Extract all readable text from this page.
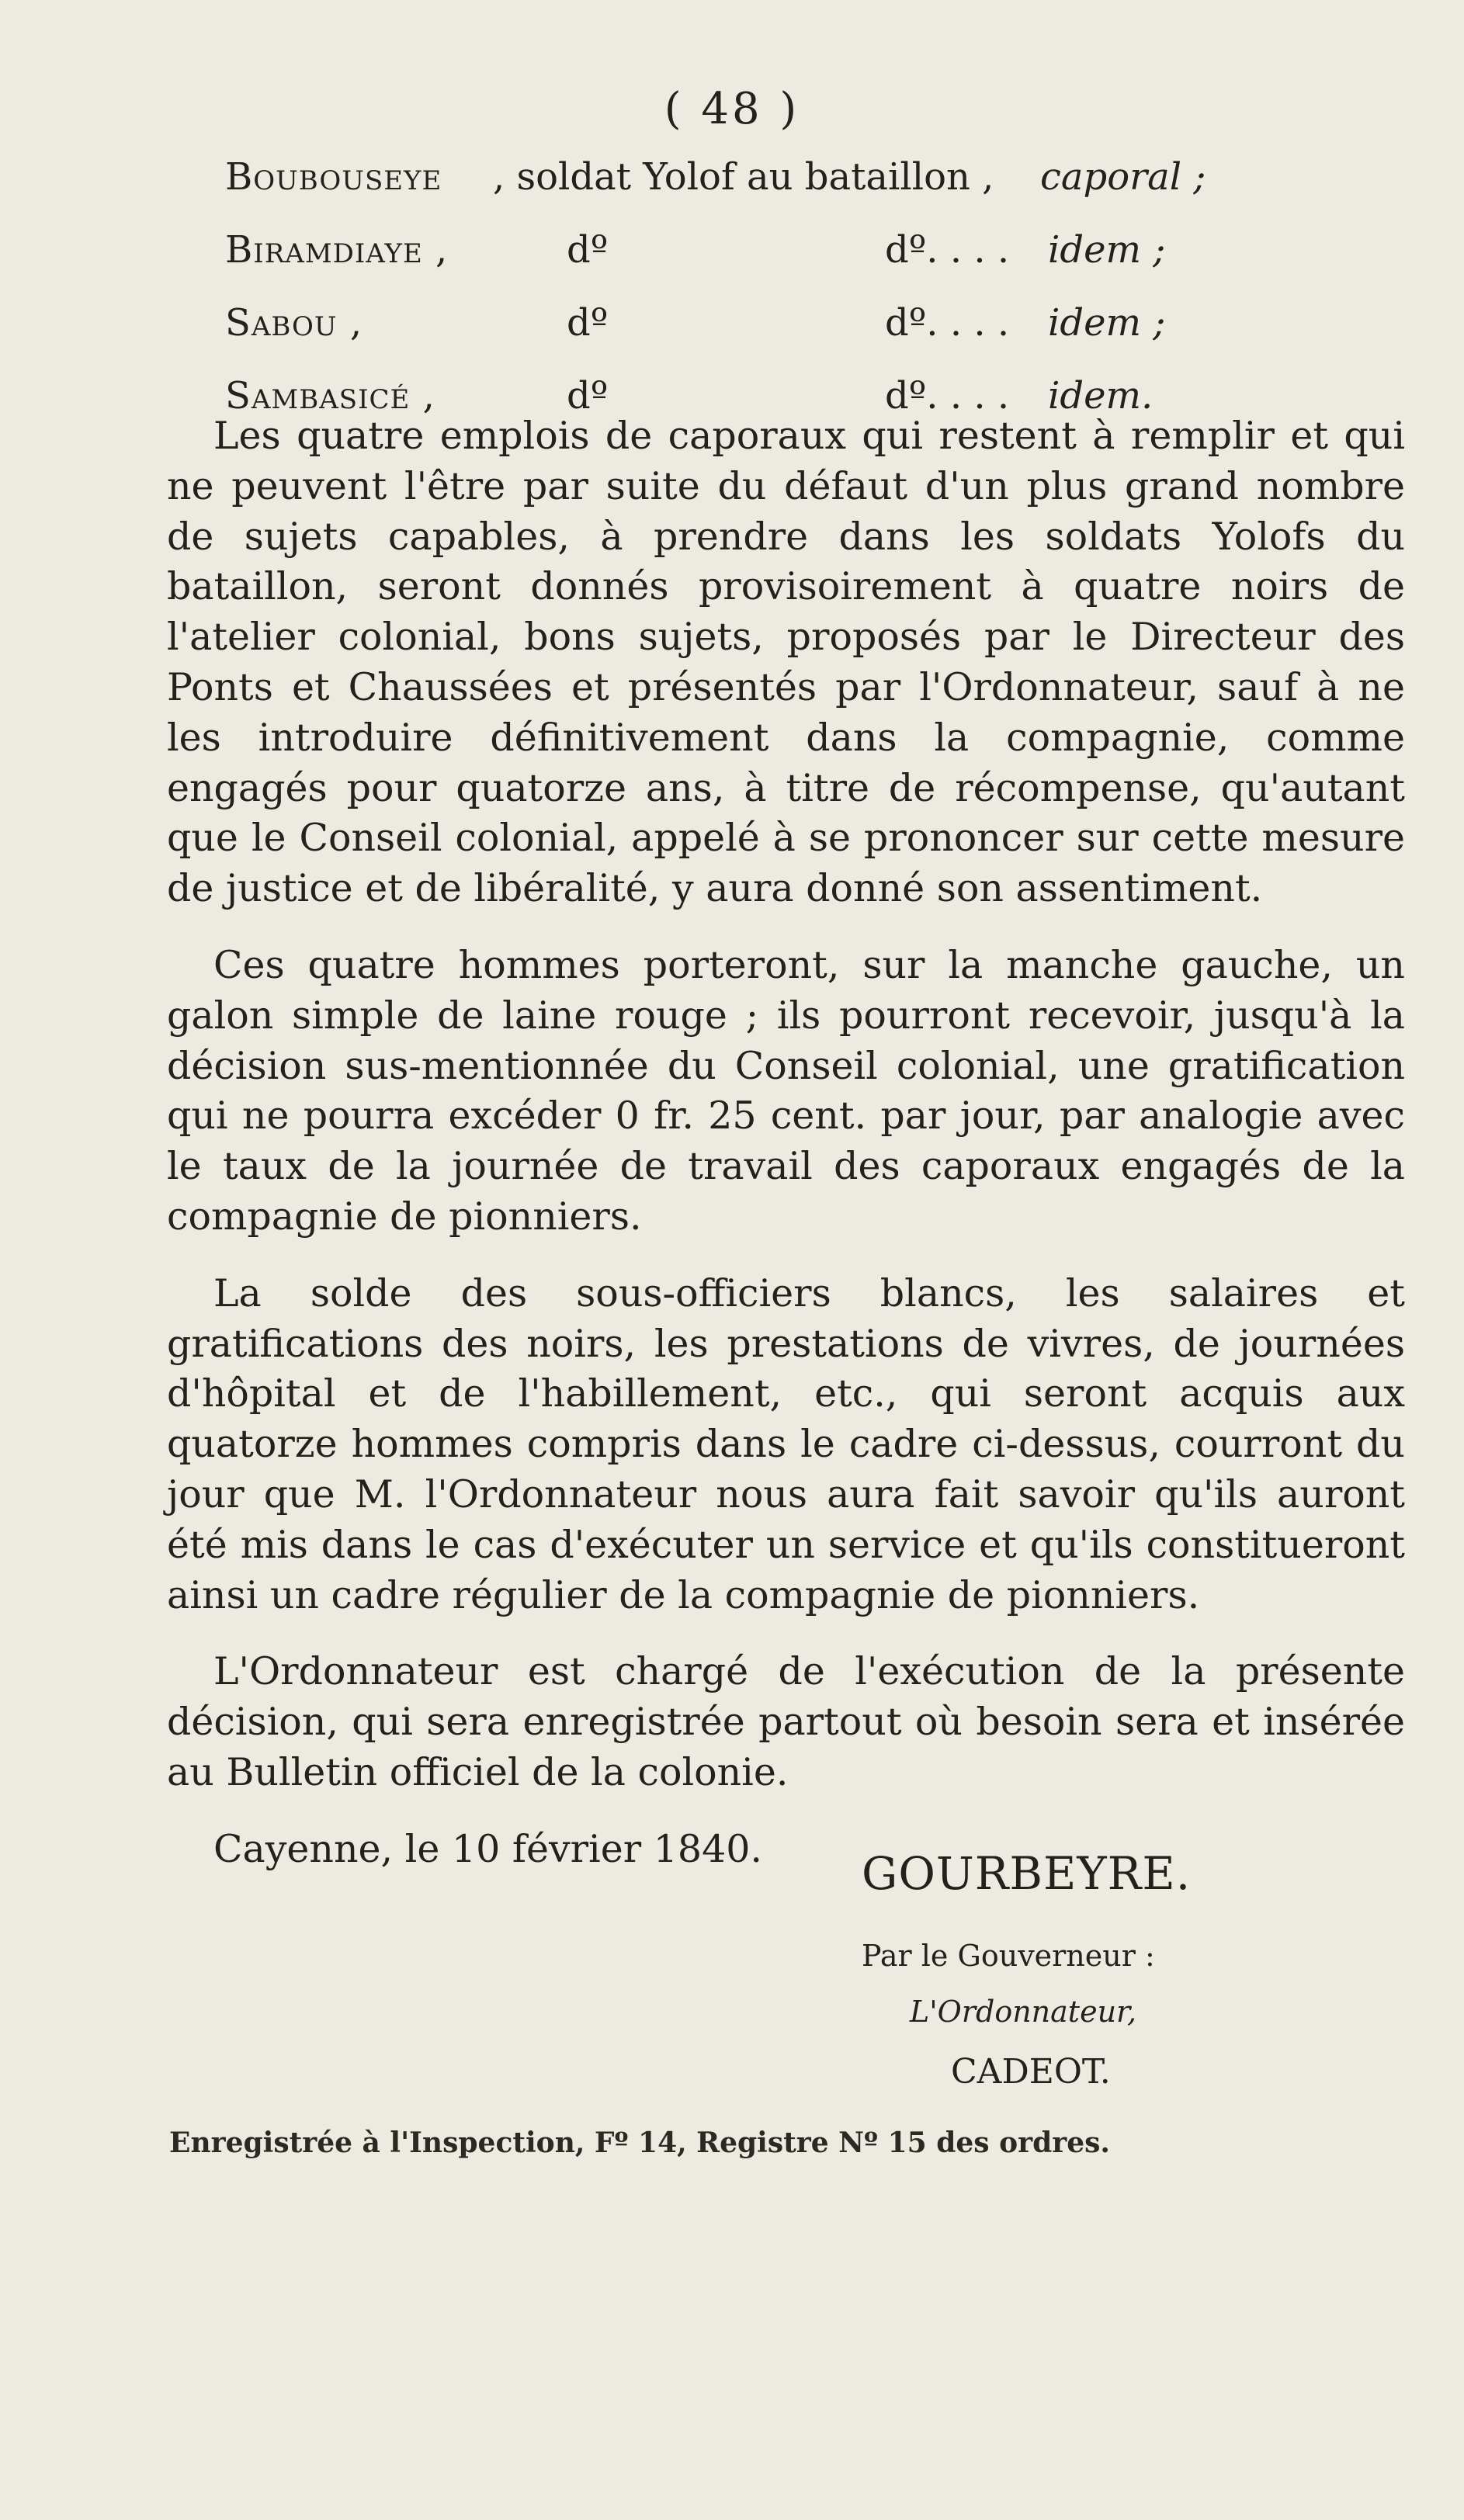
( 48 )
Boubouseye , soldat Yolof au bataillon , caporal ;
Biramdiaye ,	dº	dº. . . . idem ;
Sabou ,	dº	dº. . . . idem ;
Sambasicé ,	dº	dº. . . . idem.

Les quatre emplois de caporaux qui restent à remplir et qui ne peuvent l'être par suite du défaut d'un plus grand nombre de sujets capables, à prendre dans les soldats Yolofs du bataillon, seront donnés provisoirement à quatre noirs de l'atelier colonial, bons sujets, proposés par le Directeur des Ponts et Chaussées et présentés par l'Ordonnateur, sauf à ne les introduire définitivement dans la compagnie, comme engagés pour quatorze ans, à titre de récompense, qu'autant que le Conseil colonial, appelé à se prononcer sur cette mesure de justice et de libéralité, y aura donné son assentiment.

Ces quatre hommes porteront, sur la manche gauche, un galon simple de laine rouge ; ils pourront recevoir, jusqu'à la décision sus-mentionnée du Conseil colonial, une gratification qui ne pourra excéder 0 fr. 25 cent. par jour, par analogie avec le taux de la journée de travail des caporaux engagés de la compagnie de pionniers.

La solde des sous-officiers blancs, les salaires et gratifications des noirs, les prestations de vivres, de journées d'hôpital et de l'habillement, etc., qui seront acquis aux quatorze hommes compris dans le cadre ci-dessus, courront du jour que M. l'Ordonnateur nous aura fait savoir qu'ils auront été mis dans le cas d'exécuter un service et qu'ils constitueront ainsi un cadre régulier de la compagnie de pionniers.

L'Ordonnateur est chargé de l'exécution de la présente décision, qui sera enregistrée partout où besoin sera et insérée au Bulletin officiel de la colonie.

Cayenne, le 10 février 1840.	GOURBEYRE.
Par le Gouverneur :
L'Ordonnateur,
CADEOT.
Enregistrée à l'Inspection, Fº 14, Registre Nº 15 des ordres.
